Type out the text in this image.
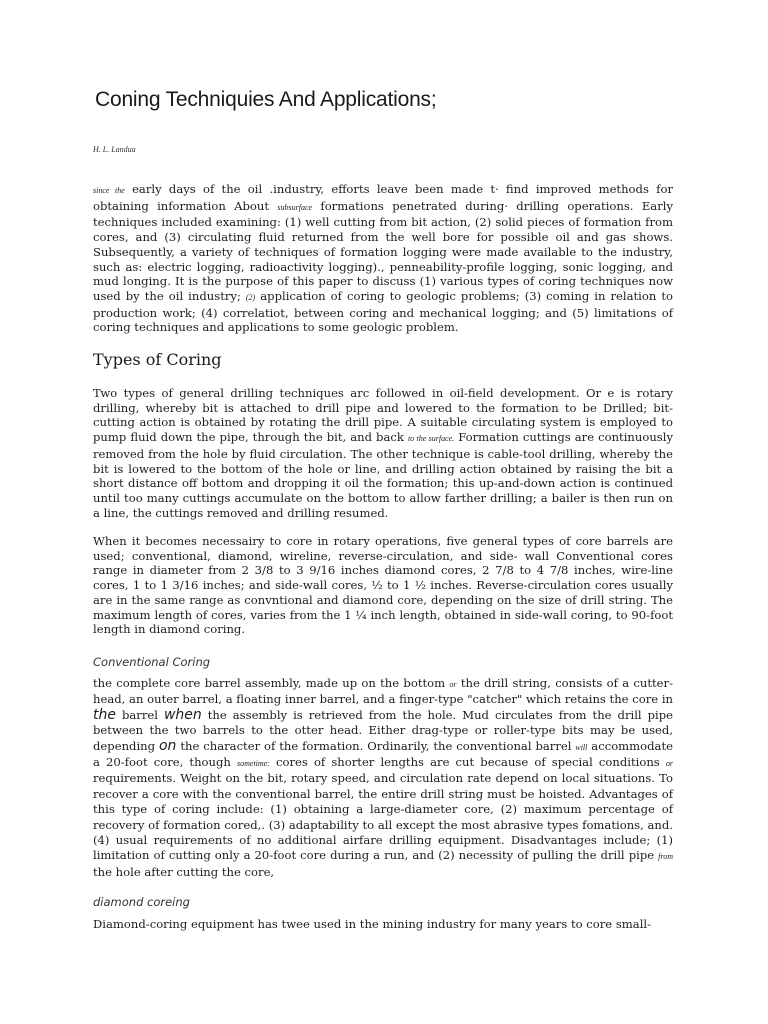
Coning Techniquies And Applications;
H. L. Landua

since the early days of the oil .industry, efforts leave been made t· find improved methods for obtaining information About subsurface formations penetrated during· drilling operations. Early techniques included examining: (1) well cutting from bit action, (2) solid pieces of formation from cores, and (3) circulating fluid returned from the well bore for possible oil and gas shows. Subsequently, a variety of techniques of formation logging were made available to the industry, such as: electric logging, radioactivity logging)., penneability-profile logging, sonic logging, and mud longing. It is the purpose of this paper to discuss (1) various types of coring techniques now used by the oil industry; (2) application of coring to geologic problems; (3) coming in relation to production work; (4) correlatiot, between coring and mechanical logging; and (5) limitations of coring techniques and applications to some geologic problem.

Types of Coring

Two types of general drilling techniques arc followed in oil-field development. Or e is rotary drilling, whereby bit is attached to drill pipe and lowered to the formation to be Drilled; bit-cutting action is obtained by rotating the drill pipe. A suitable circulating system is employed to pump fluid down the pipe, through the bit, and back to the surface. Formation cuttings are continuously removed from the hole by fluid circulation. The other technique is cable-tool drilling, whereby the bit is lowered to the bottom of the hole or line, and drilling action obtained by raising the bit a short distance off bottom and dropping it oil the formation; this up-and-down action is continued until too many cuttings accumulate on the bottom to allow farther drilling; a bailer is then run on a line, the cuttings removed and drilling resumed.

When it becomes necessairy to core in rotary operations, five general types of core barrels are used; conventional, diamond, wireline, reverse-circulation, and side- wall Conventional cores range in diameter from 2 3/8 to 3 9/16 inches diamond cores, 2 7/8 to 4 7/8 inches, wire-line cores, 1 to 1 3/16 inches; and side-wall cores, ½ to 1 ½ inches. Reverse-circulation cores usually are in the same range as convntional and diamond core, depending on the size of drill string. The maximum length of cores, varies from the 1 ¼ inch length, obtained in side-wall coring, to 90-foot length in diamond coring.

Conventional Coring

the complete core barrel assembly, made up on the bottom or the drill string, consists of a cutter-head, an outer barrel, a floating inner barrel, and a finger-type "catcher" which retains the core in the barrel when the assembly is retrieved from the hole. Mud circulates from the drill pipe between the two barrels to the otter head. Either drag-type or roller-type bits may be used, depending on the character of the formation. Ordinarily, the conventional barrel will accommodate a 20-foot core, though sometime: cores of shorter lengths are cut because of special conditions or requirements. Weight on the bit, rotary speed, and circulation rate depend on local situations. To recover a core with the conventional barrel, the entire drill string must be hoisted. Advantages of this type of coring include: (1) obtaining a large-diameter core, (2) maximum percentage of recovery of formation cored,. (3) adaptability to all except the most abrasive types fomations, and. (4) usual requirements of no additional airfare drilling equipment. Disadvantages include; (1) limitation of cutting only a 20-foot core during a run, and (2) necessity of pulling the drill pipe from the hole after cutting the core,

diamond coreing

Diamond-coring equipment has twee used in the mining industry for many years to core small-
